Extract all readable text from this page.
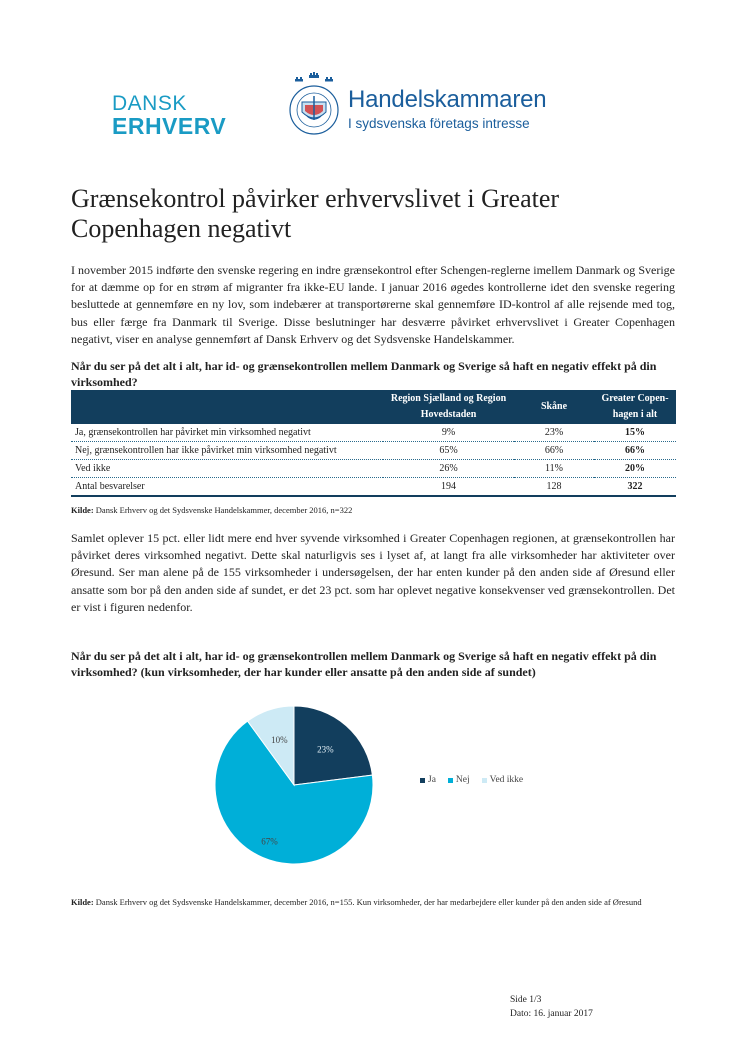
DANSK
ERHVERV
Handelskammaren
I sydsvenska företags intresse
Grænsekontrol påvirker erhvervslivet i Greater Copenhagen negativt
I november 2015 indførte den svenske regering en indre grænsekontrol efter Schengen-reglerne imellem Danmark og Sverige for at dæmme op for en strøm af migranter fra ikke-EU lande. I januar 2016 øgedes kontrollerne idet den svenske regering besluttede at gennemføre en ny lov, som indebærer at transportørerne skal gennemføre ID-kontrol af alle rejsende med tog, bus eller færge fra Danmark til Sverige. Disse beslutninger har desværre påvirket erhvervslivet i Greater Copenhagen negativt, viser en analyse gennemført af Dansk Erhverv og det Sydsvenske Handelskammer.
Når du ser på det alt i alt, har id- og grænsekontrollen mellem Danmark og Sverige så haft en negativ effekt på din virksomhed?
	Region Sjælland og Region Hovedstaden	Skåne	Greater Copen-hagen i alt
Ja, grænsekontrollen har påvirket min virksomhed negativt	9%	23%	15%
Nej, grænsekontrollen har ikke påvirket min virksomhed negativt	65%	66%	66%
Ved ikke	26%	11%	20%
Antal besvarelser	194	128	322
Kilde: Dansk Erhverv og det Sydsvenske Handelskammer, december 2016, n=322
Samlet oplever 15 pct. eller lidt mere end hver syvende virksomhed i Greater Copenhagen regionen, at grænsekontrollen har påvirket deres virksomhed negativt. Dette skal naturligvis ses i lyset af, at langt fra alle virksomheder har aktiviteter over Øresund. Ser man alene på de 155 virksomheder i undersøgelsen, der har enten kunder på den anden side af Øresund eller ansatte som bor på den anden side af sundet, er det 23 pct. som har oplevet negative konsekvenser ved grænsekontrollen. Det er vist i figuren nedenfor.
Når du ser på det alt i alt, har id- og grænsekontrollen mellem Danmark og Sverige så haft en negativ effekt på din virksomhed? (kun virksomheder, der har kunder eller ansatte på den anden side af sundet)
23%
67%
10%
Ja Nej Ved ikke
Kilde: Dansk Erhverv og det Sydsvenske Handelskammer, december 2016, n=155. Kun virksomheder, der har medarbejdere eller kunder på den anden side af Øresund
Side 1/3
Dato: 16. januar 2017
